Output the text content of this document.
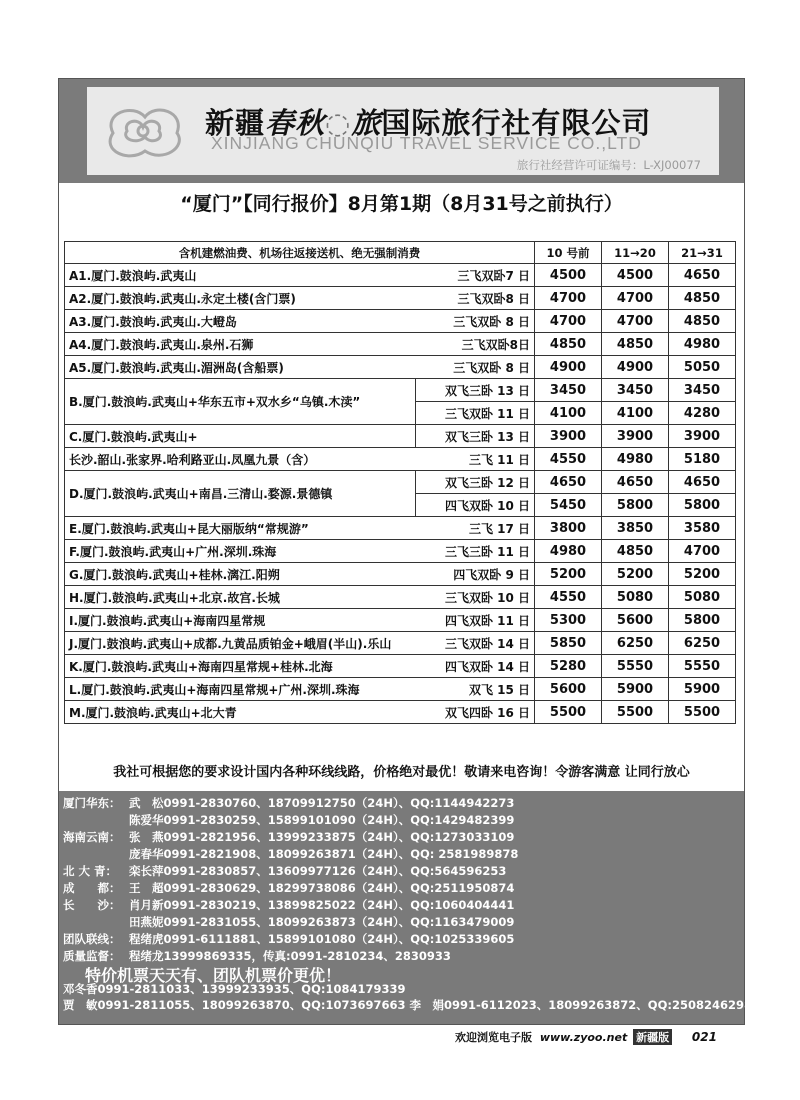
新疆春秋◌旅国际旅行社有限公司
XINJIANG CHUNQIU TRAVEL SERVICE CO.,LTD
旅行社经营许可证编号：L-XJ00077
“厦门”【同行报价】8月第1期（8月31号之前执行）
含机建燃油费、机场往返接送机、绝无强制消费		10 号前	11→20	21→31
A1.厦门.鼓浪屿.武夷山	三飞双卧7 日	4500	4500	4650
A2.厦门.鼓浪屿.武夷山.永定土楼(含门票)	三飞双卧8 日	4700	4700	4850
A3.厦门.鼓浪屿.武夷山.大嶝岛	三飞双卧 8 日	4700	4700	4850
A4.厦门.鼓浪屿.武夷山.泉州.石狮	三飞双卧8日	4850	4850	4980
A5.厦门.鼓浪屿.武夷山.湄洲岛(含船票)	三飞双卧 8 日	4900	4900	5050
B.厦门.鼓浪屿.武夷山+华东五市+双水乡“乌镇.木渎”	双飞三卧 13 日	3450	3450	3450
	三飞双卧 11 日	4100	4100	4280
C.厦门.鼓浪屿.武夷山+	双飞三卧 13 日	3900	3900	3900
长沙.韶山.张家界.哈利路亚山.凤凰九景（含）	三飞 11 日	4550	4980	5180
D.厦门.鼓浪屿.武夷山+南昌.三清山.婺源.景德镇	双飞三卧 12 日	4650	4650	4650
	四飞双卧 10 日	5450	5800	5800
E.厦门.鼓浪屿.武夷山+昆大丽版纳“常规游”	三飞 17 日	3800	3850	3580
F.厦门.鼓浪屿.武夷山+广州.深圳.珠海	三飞三卧 11 日	4980	4850	4700
G.厦门.鼓浪屿.武夷山+桂林.漓江.阳朔	四飞双卧 9 日	5200	5200	5200
H.厦门.鼓浪屿.武夷山+北京.故宫.长城	三飞双卧 10 日	4550	5080	5080
I.厦门.鼓浪屿.武夷山+海南四星常规	四飞双卧 11 日	5300	5600	5800
J.厦门.鼓浪屿.武夷山+成都.九黄品质铂金+峨眉(半山).乐山	三飞双卧 14 日	5850	6250	6250
K.厦门.鼓浪屿.武夷山+海南四星常规+桂林.北海	四飞双卧 14 日	5280	5550	5550
L.厦门.鼓浪屿.武夷山+海南四星常规+广州.深圳.珠海	双飞 15 日	5600	5900	5900
M.厦门.鼓浪屿.武夷山+北大青	双飞四卧 16 日	5500	5500	5500
我社可根据您的要求设计国内各种环线线路，价格绝对最优！敬请来电咨询！令游客满意 让同行放心
厦门华东： 武　松0991-2830760、18709912750（24H）、QQ:1144942273
陈爱华0991-2830259、15899101090（24H）、QQ:1429482399
海南云南： 张　燕0991-2821956、13999233875（24H）、QQ:1273033109
庞春华0991-2821908、18099263871（24H）、QQ: 2581989878
北 大 青： 栾长萍0991-2830857、13609977126（24H）、QQ:564596253
成　　都： 王　超0991-2830629、18299738086（24H）、QQ:2511950874
长　　沙： 肖月新0991-2830219、13899825022（24H）、QQ:1060404441
田燕妮0991-2831055、18099263873（24H）、QQ:1163479009
团队联线： 程绪虎0991-6111881、15899101080（24H）、QQ:1025339605
质量监督： 程绪龙13999869335，传真:0991-2810234、2830933
特价机票天天有、团队机票价更优！
邓冬香0991-2811033、13999233935、QQ:1084179339
贾　敏0991-2811055、18099263870、QQ:1073697663 李　娟0991-6112023、18099263872、QQ:2508246298
欢迎浏览电子版 www.zyoo.net 新疆版 021
